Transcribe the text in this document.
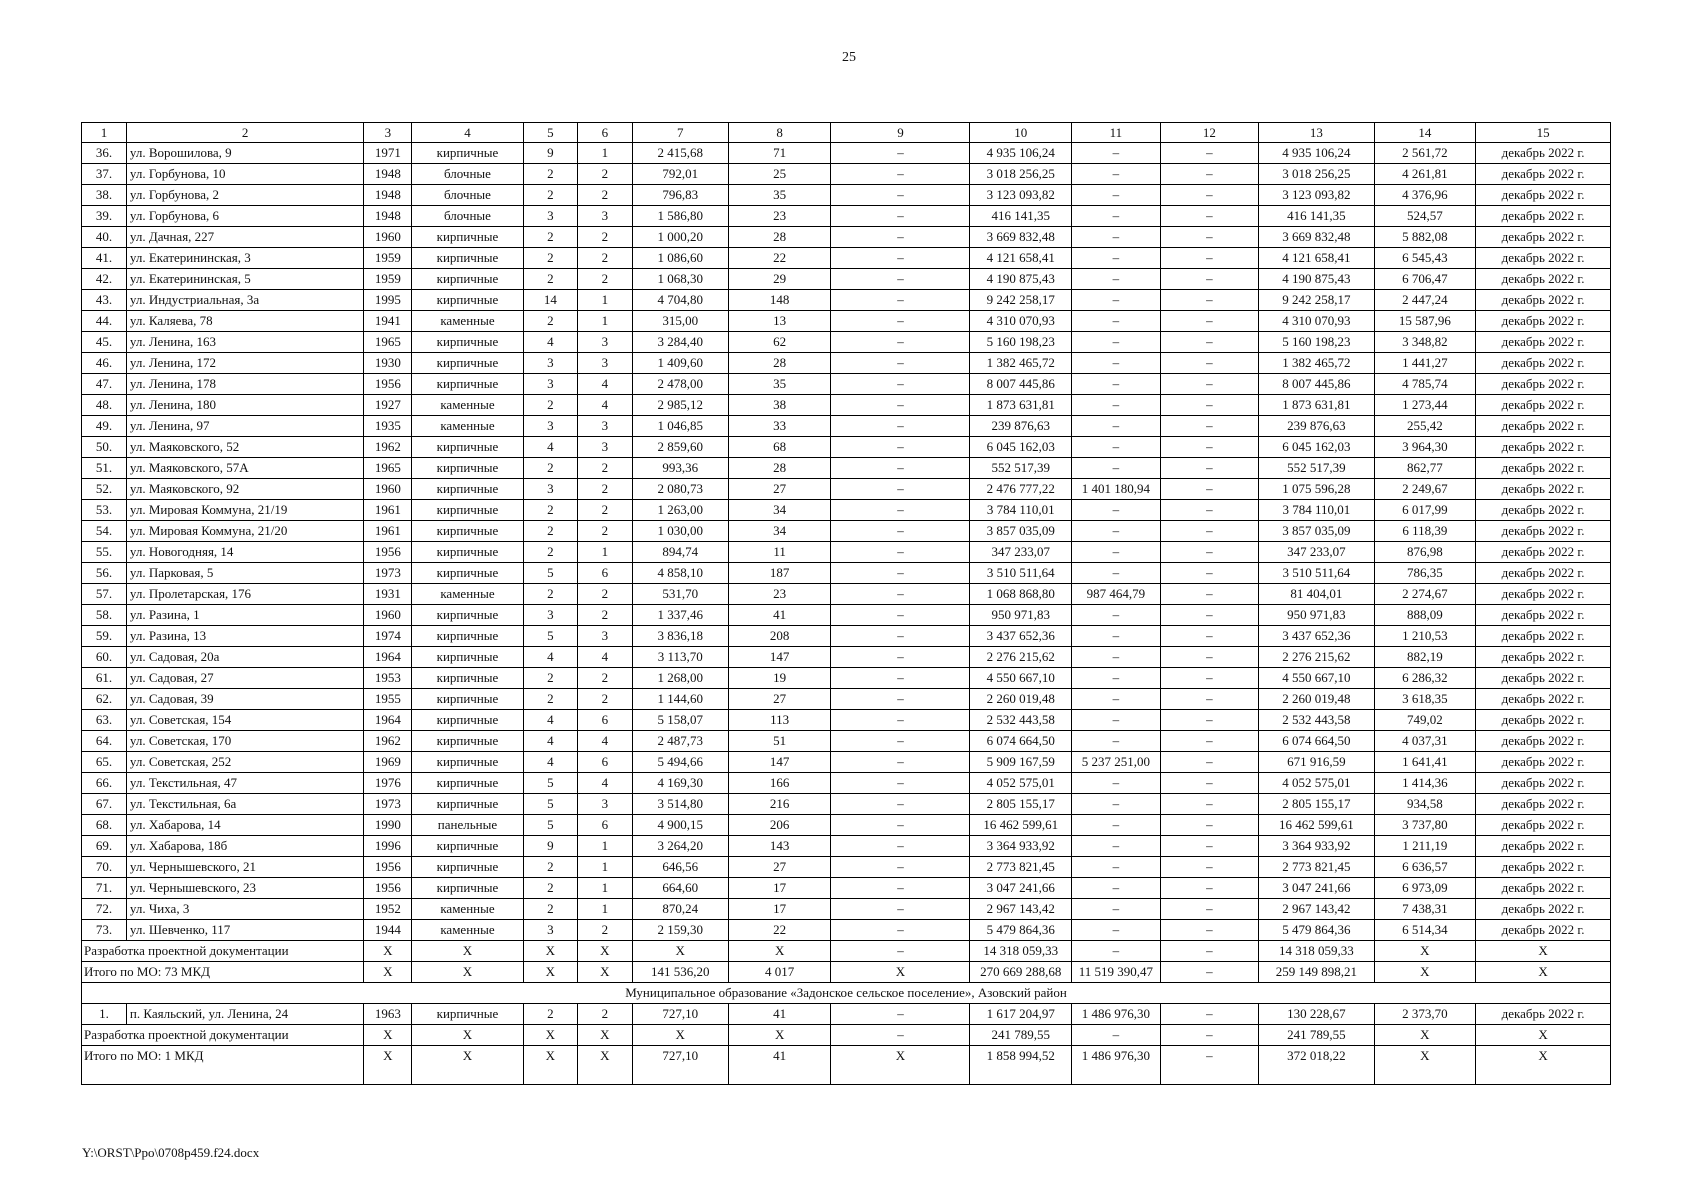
25
1	2	3	4	5	6	7	8	9	10	11	12	13	14	15
36.	ул. Ворошилова, 9	1971	кирпичные	9	1	2 415,68	71	–	4 935 106,24	–	–	4 935 106,24	2 561,72	декабрь 2022 г.
37.	ул. Горбунова, 10	1948	блочные	2	2	792,01	25	–	3 018 256,25	–	–	3 018 256,25	4 261,81	декабрь 2022 г.
38.	ул. Горбунова, 2	1948	блочные	2	2	796,83	35	–	3 123 093,82	–	–	3 123 093,82	4 376,96	декабрь 2022 г.
39.	ул. Горбунова, 6	1948	блочные	3	3	1 586,80	23	–	416 141,35	–	–	416 141,35	524,57	декабрь 2022 г.
40.	ул. Дачная, 227	1960	кирпичные	2	2	1 000,20	28	–	3 669 832,48	–	–	3 669 832,48	5 882,08	декабрь 2022 г.
41.	ул. Екатерининская, 3	1959	кирпичные	2	2	1 086,60	22	–	4 121 658,41	–	–	4 121 658,41	6 545,43	декабрь 2022 г.
42.	ул. Екатерининская, 5	1959	кирпичные	2	2	1 068,30	29	–	4 190 875,43	–	–	4 190 875,43	6 706,47	декабрь 2022 г.
43.	ул. Индустриальная, 3а	1995	кирпичные	14	1	4 704,80	148	–	9 242 258,17	–	–	9 242 258,17	2 447,24	декабрь 2022 г.
44.	ул. Каляева, 78	1941	каменные	2	1	315,00	13	–	4 310 070,93	–	–	4 310 070,93	15 587,96	декабрь 2022 г.
45.	ул. Ленина, 163	1965	кирпичные	4	3	3 284,40	62	–	5 160 198,23	–	–	5 160 198,23	3 348,82	декабрь 2022 г.
46.	ул. Ленина, 172	1930	кирпичные	3	3	1 409,60	28	–	1 382 465,72	–	–	1 382 465,72	1 441,27	декабрь 2022 г.
47.	ул. Ленина, 178	1956	кирпичные	3	4	2 478,00	35	–	8 007 445,86	–	–	8 007 445,86	4 785,74	декабрь 2022 г.
48.	ул. Ленина, 180	1927	каменные	2	4	2 985,12	38	–	1 873 631,81	–	–	1 873 631,81	1 273,44	декабрь 2022 г.
49.	ул. Ленина, 97	1935	каменные	3	3	1 046,85	33	–	239 876,63	–	–	239 876,63	255,42	декабрь 2022 г.
50.	ул. Маяковского, 52	1962	кирпичные	4	3	2 859,60	68	–	6 045 162,03	–	–	6 045 162,03	3 964,30	декабрь 2022 г.
51.	ул. Маяковского, 57А	1965	кирпичные	2	2	993,36	28	–	552 517,39	–	–	552 517,39	862,77	декабрь 2022 г.
52.	ул. Маяковского, 92	1960	кирпичные	3	2	2 080,73	27	–	2 476 777,22	1 401 180,94	–	1 075 596,28	2 249,67	декабрь 2022 г.
53.	ул. Мировая Коммуна, 21/19	1961	кирпичные	2	2	1 263,00	34	–	3 784 110,01	–	–	3 784 110,01	6 017,99	декабрь 2022 г.
54.	ул. Мировая Коммуна, 21/20	1961	кирпичные	2	2	1 030,00	34	–	3 857 035,09	–	–	3 857 035,09	6 118,39	декабрь 2022 г.
55.	ул. Новогодняя, 14	1956	кирпичные	2	1	894,74	11	–	347 233,07	–	–	347 233,07	876,98	декабрь 2022 г.
56.	ул. Парковая, 5	1973	кирпичные	5	6	4 858,10	187	–	3 510 511,64	–	–	3 510 511,64	786,35	декабрь 2022 г.
57.	ул. Пролетарская, 176	1931	каменные	2	2	531,70	23	–	1 068 868,80	987 464,79	–	81 404,01	2 274,67	декабрь 2022 г.
58.	ул. Разина, 1	1960	кирпичные	3	2	1 337,46	41	–	950 971,83	–	–	950 971,83	888,09	декабрь 2022 г.
59.	ул. Разина, 13	1974	кирпичные	5	3	3 836,18	208	–	3 437 652,36	–	–	3 437 652,36	1 210,53	декабрь 2022 г.
60.	ул. Садовая, 20а	1964	кирпичные	4	4	3 113,70	147	–	2 276 215,62	–	–	2 276 215,62	882,19	декабрь 2022 г.
61.	ул. Садовая, 27	1953	кирпичные	2	2	1 268,00	19	–	4 550 667,10	–	–	4 550 667,10	6 286,32	декабрь 2022 г.
62.	ул. Садовая, 39	1955	кирпичные	2	2	1 144,60	27	–	2 260 019,48	–	–	2 260 019,48	3 618,35	декабрь 2022 г.
63.	ул. Советская, 154	1964	кирпичные	4	6	5 158,07	113	–	2 532 443,58	–	–	2 532 443,58	749,02	декабрь 2022 г.
64.	ул. Советская, 170	1962	кирпичные	4	4	2 487,73	51	–	6 074 664,50	–	–	6 074 664,50	4 037,31	декабрь 2022 г.
65.	ул. Советская, 252	1969	кирпичные	4	6	5 494,66	147	–	5 909 167,59	5 237 251,00	–	671 916,59	1 641,41	декабрь 2022 г.
66.	ул. Текстильная, 47	1976	кирпичные	5	4	4 169,30	166	–	4 052 575,01	–	–	4 052 575,01	1 414,36	декабрь 2022 г.
67.	ул. Текстильная, 6а	1973	кирпичные	5	3	3 514,80	216	–	2 805 155,17	–	–	2 805 155,17	934,58	декабрь 2022 г.
68.	ул. Хабарова, 14	1990	панельные	5	6	4 900,15	206	–	16 462 599,61	–	–	16 462 599,61	3 737,80	декабрь 2022 г.
69.	ул. Хабарова, 18б	1996	кирпичные	9	1	3 264,20	143	–	3 364 933,92	–	–	3 364 933,92	1 211,19	декабрь 2022 г.
70.	ул. Чернышевского, 21	1956	кирпичные	2	1	646,56	27	–	2 773 821,45	–	–	2 773 821,45	6 636,57	декабрь 2022 г.
71.	ул. Чернышевского, 23	1956	кирпичные	2	1	664,60	17	–	3 047 241,66	–	–	3 047 241,66	6 973,09	декабрь 2022 г.
72.	ул. Чиха, 3	1952	каменные	2	1	870,24	17	–	2 967 143,42	–	–	2 967 143,42	7 438,31	декабрь 2022 г.
73.	ул. Шевченко, 117	1944	каменные	3	2	2 159,30	22	–	5 479 864,36	–	–	5 479 864,36	6 514,34	декабрь 2022 г.
Разработка проектной документации		X	X	X	X	X	X	–	14 318 059,33	–	–	14 318 059,33	X	X
Итого по МО: 73 МКД		X	X	X	X	141 536,20	4 017	X	270 669 288,68	11 519 390,47	–	259 149 898,21	X	X
Муниципальное образование «Задонское сельское поселение», Азовский район														
1.	п. Каяльский, ул. Ленина, 24	1963	кирпичные	2	2	727,10	41	–	1 617 204,97	1 486 976,30	–	130 228,67	2 373,70	декабрь 2022 г.
Разработка проектной документации		X	X	X	X	X	X	–	241 789,55	–	–	241 789,55	X	X
Итого по МО: 1 МКД		X	X	X	X	727,10	41	X	1 858 994,52	1 486 976,30	–	372 018,22	X	X
Y:\ORST\Ppo\0708p459.f24.docx
